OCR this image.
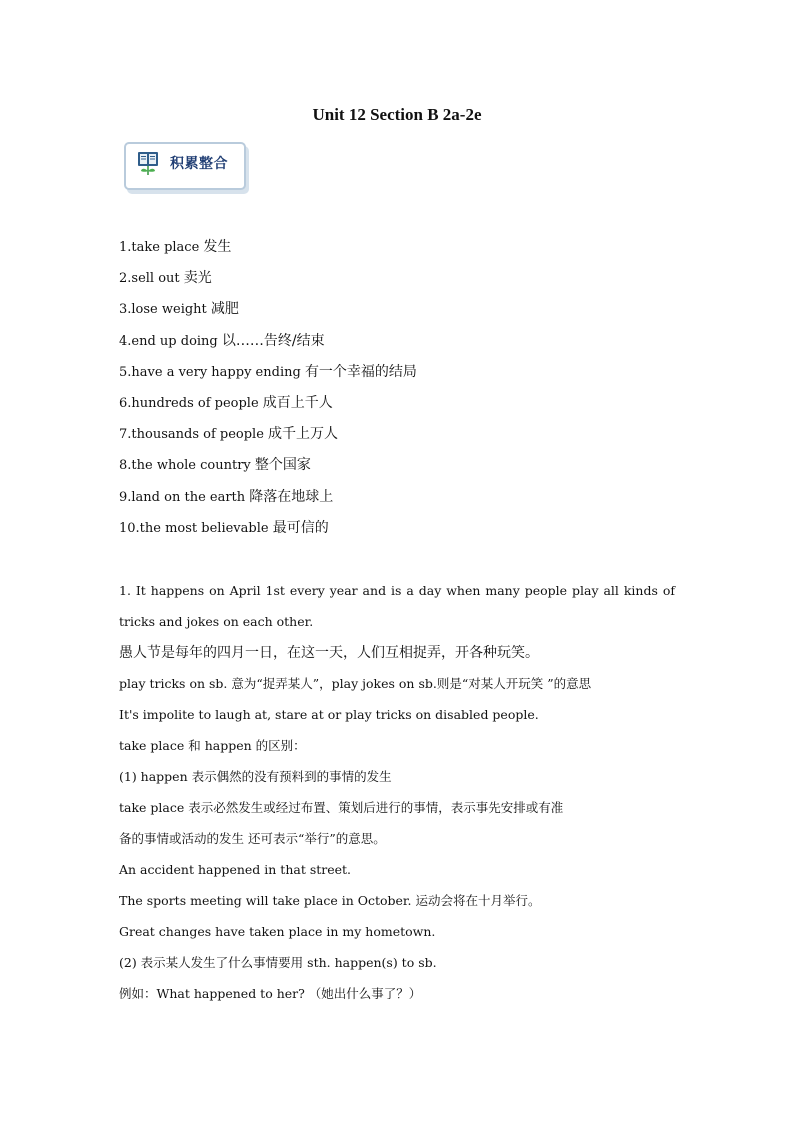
Unit 12 Section B 2a-2e
积累整合
1.take place 发生
2.sell out 卖光
3.lose weight 减肥
4.end up doing 以……告终/结束
5.have a very happy ending 有一个幸福的结局
6.hundreds of people 成百上千人
7.thousands of people 成千上万人
8.the whole country 整个国家
9.land on the earth 降落在地球上
10.the most believable 最可信的
1. It happens on April 1st every year and is a day when many people play all kinds of
tricks and jokes on each other.
愚人节是每年的四月一日，在这一天，人们互相捉弄，开各种玩笑。
play tricks on sb. 意为“捉弄某人”，play jokes on sb.则是“对某人开玩笑 ”的意思
It's impolite to laugh at, stare at or play tricks on disabled people.
take place 和 happen 的区别：
(1) happen 表示偶然的没有预料到的事情的发生
take place 表示必然发生或经过布置、策划后进行的事情，表示事先安排或有准
备的事情或活动的发生 还可表示“举行”的意思。
An accident happened in that street.
The sports meeting will take place in October. 运动会将在十月举行。
Great changes have taken place in my hometown.
(2) 表示某人发生了什么事情要用 sth. happen(s) to sb.
例如：What happened to her? （她出什么事了？）
